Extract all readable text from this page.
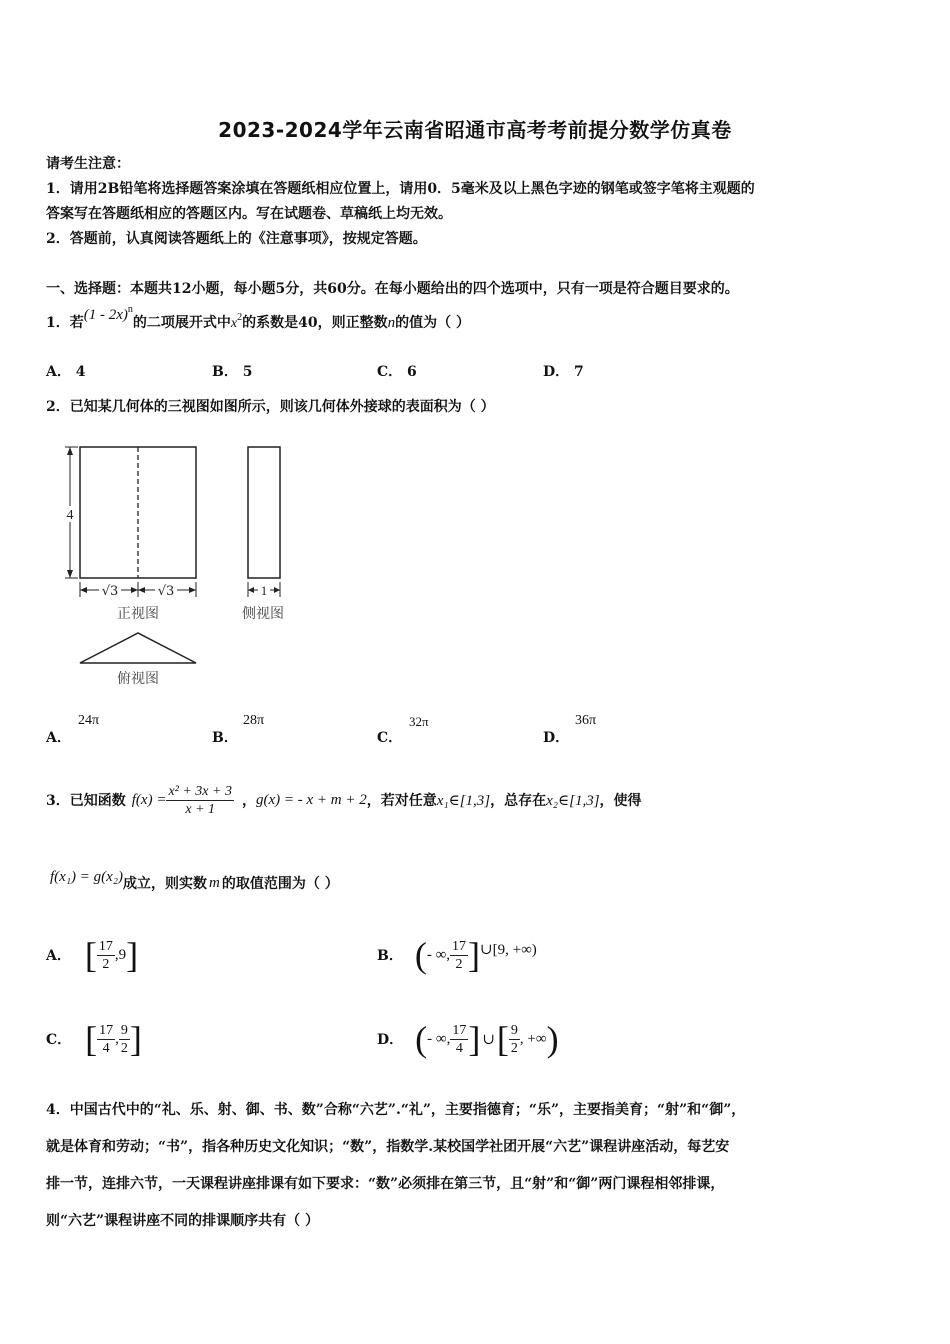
2023-2024学年云南省昭通市高考考前提分数学仿真卷
请考生注意：
1．请用2B铅笔将选择题答案涂填在答题纸相应位置上，请用0．5毫米及以上黑色字迹的钢笔或签字笔将主观题的
答案写在答题纸相应的答题区内。写在试题卷、草稿纸上均无效。
2．答题前，认真阅读答题纸上的《注意事项》，按规定答题。
一、选择题：本题共12小题，每小题5分，共60分。在每小题给出的四个选项中，只有一项是符合题目要求的。
1．若(1 - 2x)$^n$的二项展开式中$x^2$的系数是40，则正整数n的值为（ ）
A． 4	B． 5	C． 6	D． 7
2．已知某几何体的三视图如图所示，则该几何体外接球的表面积为（ ）
4
√3	√3
正视图
1
侧视图
俯视图
A．
24π
B．
28π
C．
32π
D．
36π
3．已知函数 $f(x) = \frac{\text{x² + 3x + 3}}{x + 1}$ ， g(x) = - x + m + 2 ，若对任意 x₁∈[1,3] ，总存在 x₂∈[1,3] ，使得
f(x₁) = g(x₂) 成立，则实数 m 的取值范围为（ ）
A． [ $\frac{17}{2} ,9$ ]	B． ( - ∞, $\frac{17}{2}$ ] ∪[9, +∞)
C． [ $\frac{17}{4}$ , $\frac{9}{2}$ ]	D． ( - ∞, $\frac{17}{4}$ ] ∪ [ $\frac{9}{2}$ , +∞ )
4．中国古代中的“礼、乐、射、御、书、数”合称“六艺”.“礼”，主要指德育；“乐”，主要指美育；“射”和“御”，
就是体育和劳动；“书”，指各种历史文化知识；“数”，指数学.某校国学社团开展“六艺”课程讲座活动，每艺安
排一节，连排六节，一天课程讲座排课有如下要求：“数”必须排在第三节，且“射”和“御”两门课程相邻排课，
则“六艺”课程讲座不同的排课顺序共有（ ）
